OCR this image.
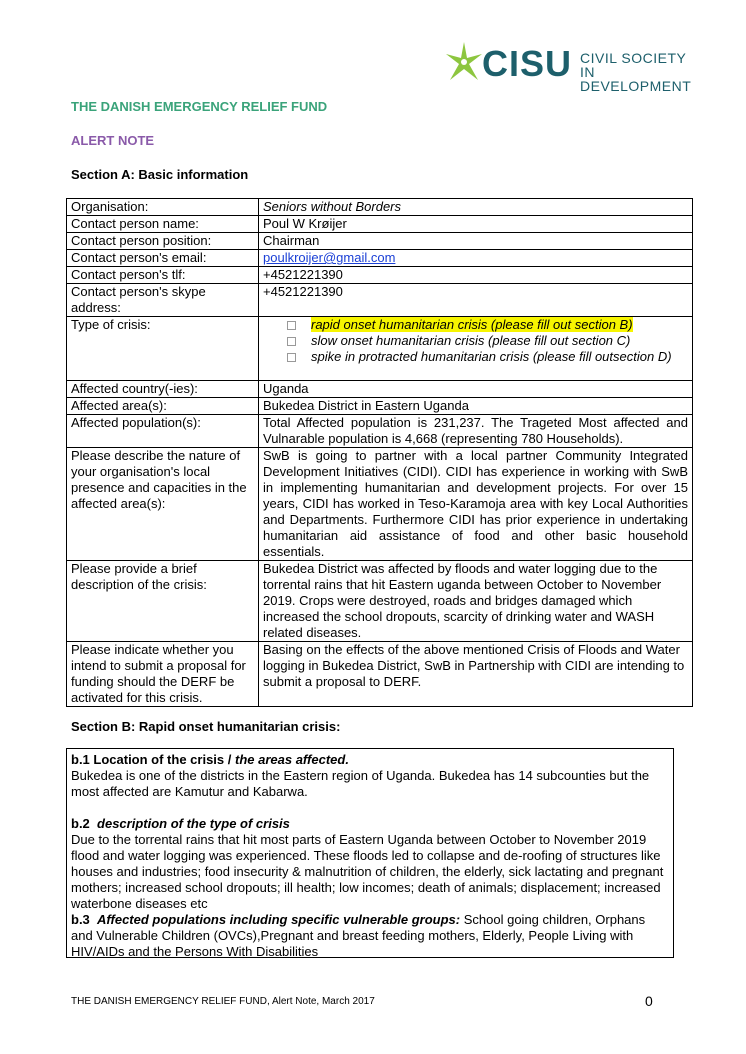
CISU CIVIL SOCIETY IN
DEVELOPMENT
THE DANISH EMERGENCY RELIEF FUND
ALERT NOTE
Section A: Basic information
Organisation:	Seniors without Borders
Contact person name:	Poul W Krøijer
Contact person position:	Chairman
Contact person's email:	poulkroijer@gmail.com
Contact person's tlf:	+4521221390
Contact person's skype address:	+4521221390
Type of crisis:	rapid onset humanitarian crisis (please fill out section B)
slow onset humanitarian crisis (please fill out section C)
spike in protracted humanitarian crisis (please fill outsection D)

Affected country(-ies):	Uganda
Affected area(s):	Bukedea District in Eastern Uganda
Affected population(s):	Total Affected population is 231,237. The Trageted Most affected and Vulnarable population is 4,668 (representing 780 Households).
Please describe the nature of your organisation's local presence and capacities in the affected area(s):	SwB is going to partner with a local partner Community Integrated Development Initiatives (CIDI). CIDI has experience in working with SwB in implementing humanitarian and development projects. For over 15 years, CIDI has worked in Teso-Karamoja area with key Local Authorities and Departments. Furthermore CIDI has prior experience in undertaking humanitarian aid assistance of food and other basic household essentials.
Please provide a brief description of the crisis:	Bukedea District was affected by floods and water logging due to the torrental rains that hit Eastern uganda between October to November 2019. Crops were destroyed, roads and bridges damaged which increased the school dropouts, scarcity of drinking water and WASH related diseases.
Please indicate whether you intend to submit a proposal for funding should the DERF be activated for this crisis.	Basing on the effects of the above mentioned Crisis of Floods and Water logging in Bukedea District, SwB in Partnership with CIDI are intending to submit a proposal to DERF.
Section B: Rapid onset humanitarian crisis:

b.1 Location of the crisis / the areas affected.

Bukedea is one of the districts in the Eastern region of Uganda. Bukedea has 14 subcounties but the most affected are Kamutur and Kabarwa.

b.2 description of the type of crisis

Due to the torrental rains that hit most parts of Eastern Uganda between October to November 2019 flood and water logging was experienced. These floods led to collapse and de-roofing of structures like houses and industries; food insecurity & malnutrition of children, the elderly, sick lactating and pregnant mothers; increased school dropouts; ill health; low incomes; death of animals; displacement; increased waterbone diseases etc

b.3 Affected populations including specific vulnerable groups: School going children, Orphans and Vulnerable Children (OVCs),Pregnant and breast feeding mothers, Elderly, People Living with HIV/AIDs and the Persons With Disabilities

THE DANISH EMERGENCY RELIEF FUND, Alert Note, March 2017	0
